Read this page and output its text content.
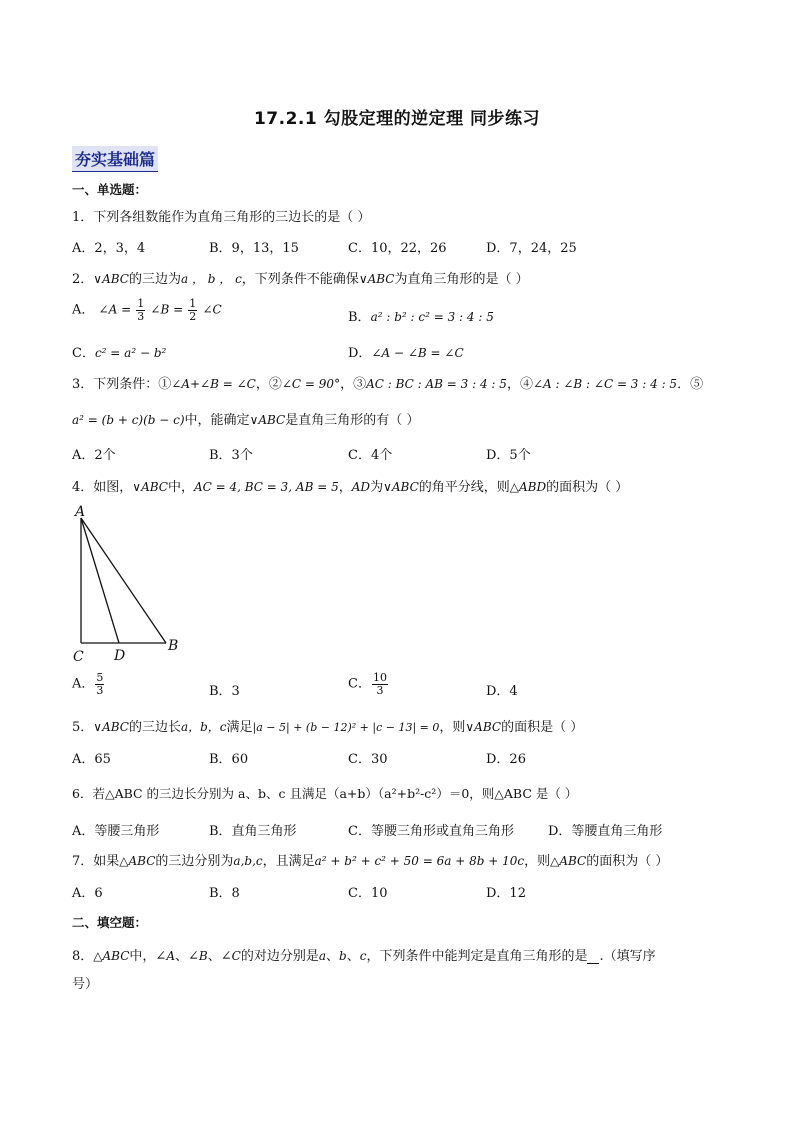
17.2.1 勾股定理的逆定理 同步练习
夯实基础篇
一、单选题：
1．下列各组数能作为直角三角形的三边长的是（ ）
A．2，3，4	B．9，13，15	C．10，22，26	D．7，24，25
2．∨ABC的三边为a ， b ， c，下列条件不能确保∨ABC为直角三角形的是（ ）
A． ∠A = $\frac{1}{3}$ ∠B = $\frac{1}{2}$ ∠C
B．a² : b² : c² = 3 : 4 : 5
C．c² = a² − b²	D．∠A − ∠B = ∠C
3．下列条件：①∠A+∠B = ∠C，②∠C = 90°，③AC : BC : AB = 3 : 4 : 5，④∠A : ∠B : ∠C = 3 : 4 : 5．⑤
a² = (b + c)(b − c)中，能确定∨ABC是直角三角形的有（ ）
A．2个	B．3个	C．4个	D．5个
4．如图，∨ABC中，AC = 4, BC = 3, AB = 5，AD为∨ABC的角平分线，则△ABD的面积为（ ）
A
B
C D
A． $\frac{5}{3}$	B．3	C． $\frac{10}{3}$	D．4
5．∨ABC的三边长a，b，c满足|a − 5| + (b − 12)² + |c − 13| = 0，则∨ABC的面积是（ ）
A．65	B．60	C．30	D．26
6．若△ABC 的三边长分别为 a、b、c 且满足（a+b）（a²+b²-c²）＝0，则△ABC 是（ ）
A．等腰三角形	B．直角三角形	C．等腰三角形或直角三角形	D．等腰直角三角形
7．如果△ABC的三边分别为a,b,c，且满足a² + b² + c² + 50 = 6a + 8b + 10c，则△ABC的面积为（ ）
A．6	B．8	C．10	D．12
二、填空题：
8．△ABC中，∠A、∠B、∠C的对边分别是a、b、c，下列条件中能判定是直角三角形的是 .（填写序
号）
